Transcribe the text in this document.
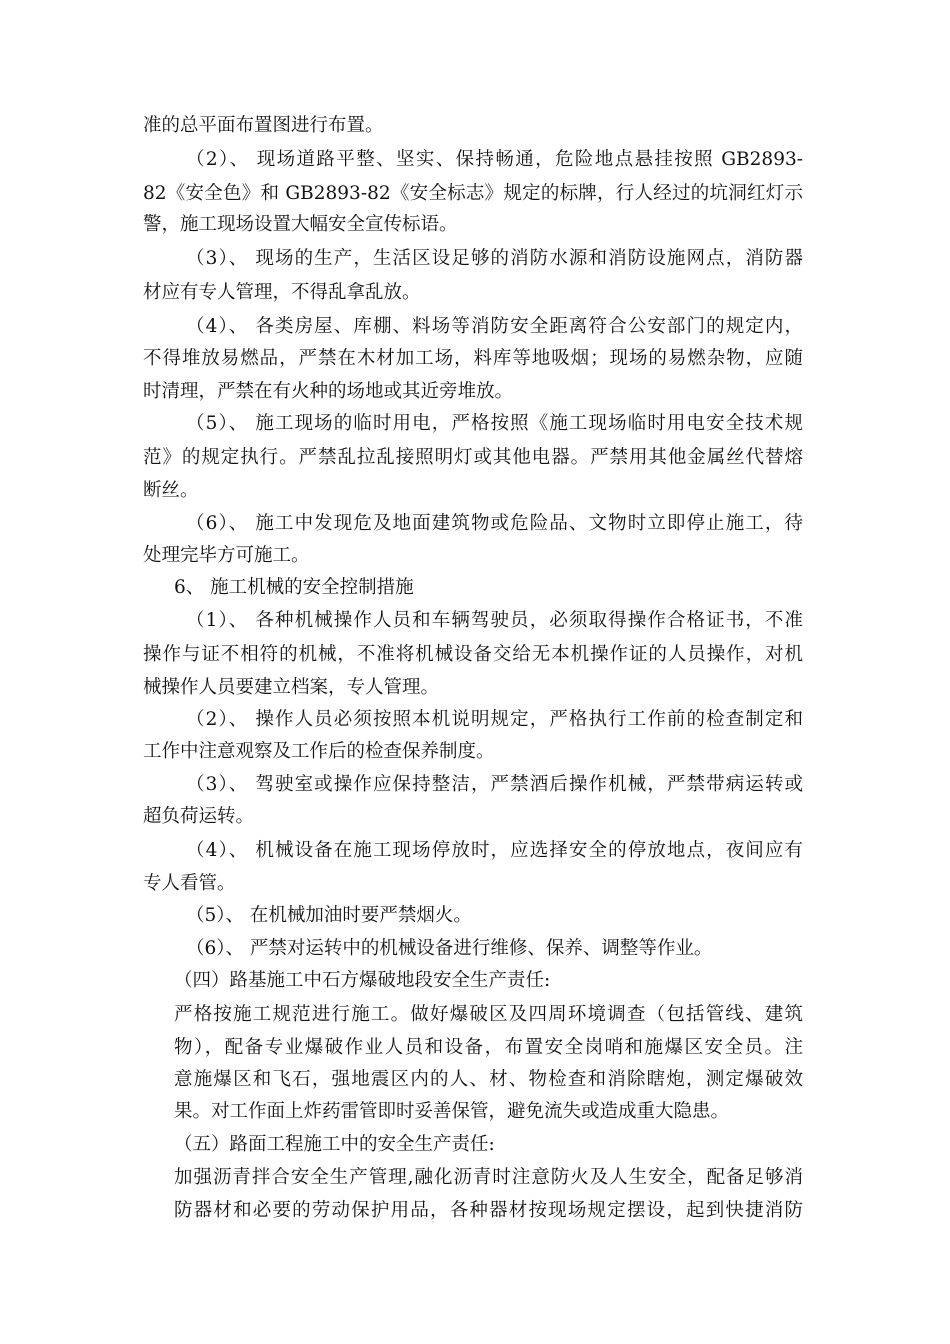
准的总平面布置图进行布置。
（2）、 现场道路平整、坚实、保持畅通，危险地点悬挂按照 GB2893-
82《安全色》和 GB2893-82《安全标志》规定的标牌，行人经过的坑洞红灯示
警，施工现场设置大幅安全宣传标语。
（3）、 现场的生产，生活区设足够的消防水源和消防设施网点，消防器
材应有专人管理，不得乱拿乱放。
（4）、 各类房屋、库棚、料场等消防安全距离符合公安部门的规定内，
不得堆放易燃品，严禁在木材加工场，料库等地吸烟；现场的易燃杂物，应随
时清理，严禁在有火种的场地或其近旁堆放。
（5）、 施工现场的临时用电，严格按照《施工现场临时用电安全技术规
范》的规定执行。严禁乱拉乱接照明灯或其他电器。严禁用其他金属丝代替熔
断丝。
（6）、 施工中发现危及地面建筑物或危险品、文物时立即停止施工，待
处理完毕方可施工。
6、 施工机械的安全控制措施
（1）、 各种机械操作人员和车辆驾驶员，必须取得操作合格证书，不准
操作与证不相符的机械，不准将机械设备交给无本机操作证的人员操作，对机
械操作人员要建立档案，专人管理。
（2）、 操作人员必须按照本机说明规定，严格执行工作前的检查制定和
工作中注意观察及工作后的检查保养制度。
（3）、 驾驶室或操作应保持整洁，严禁酒后操作机械，严禁带病运转或
超负荷运转。
（4）、 机械设备在施工现场停放时，应选择安全的停放地点，夜间应有
专人看管。
（5）、 在机械加油时要严禁烟火。
（6）、 严禁对运转中的机械设备进行维修、保养、调整等作业。
（四）路基施工中石方爆破地段安全生产责任:
严格按施工规范进行施工。做好爆破区及四周环境调查（包括管线、建筑
物），配备专业爆破作业人员和设备，布置安全岗哨和施爆区安全员。注
意施爆区和飞石，强地震区内的人、材、物检查和消除瞎炮，测定爆破效
果。对工作面上炸药雷管即时妥善保管，避免流失或造成重大隐患。
（五）路面工程施工中的安全生产责任:
加强沥青拌合安全生产管理,融化沥青时注意防火及人生安全，配备足够消
防器材和必要的劳动保护用品，各种器材按现场规定摆设，起到快捷消防
